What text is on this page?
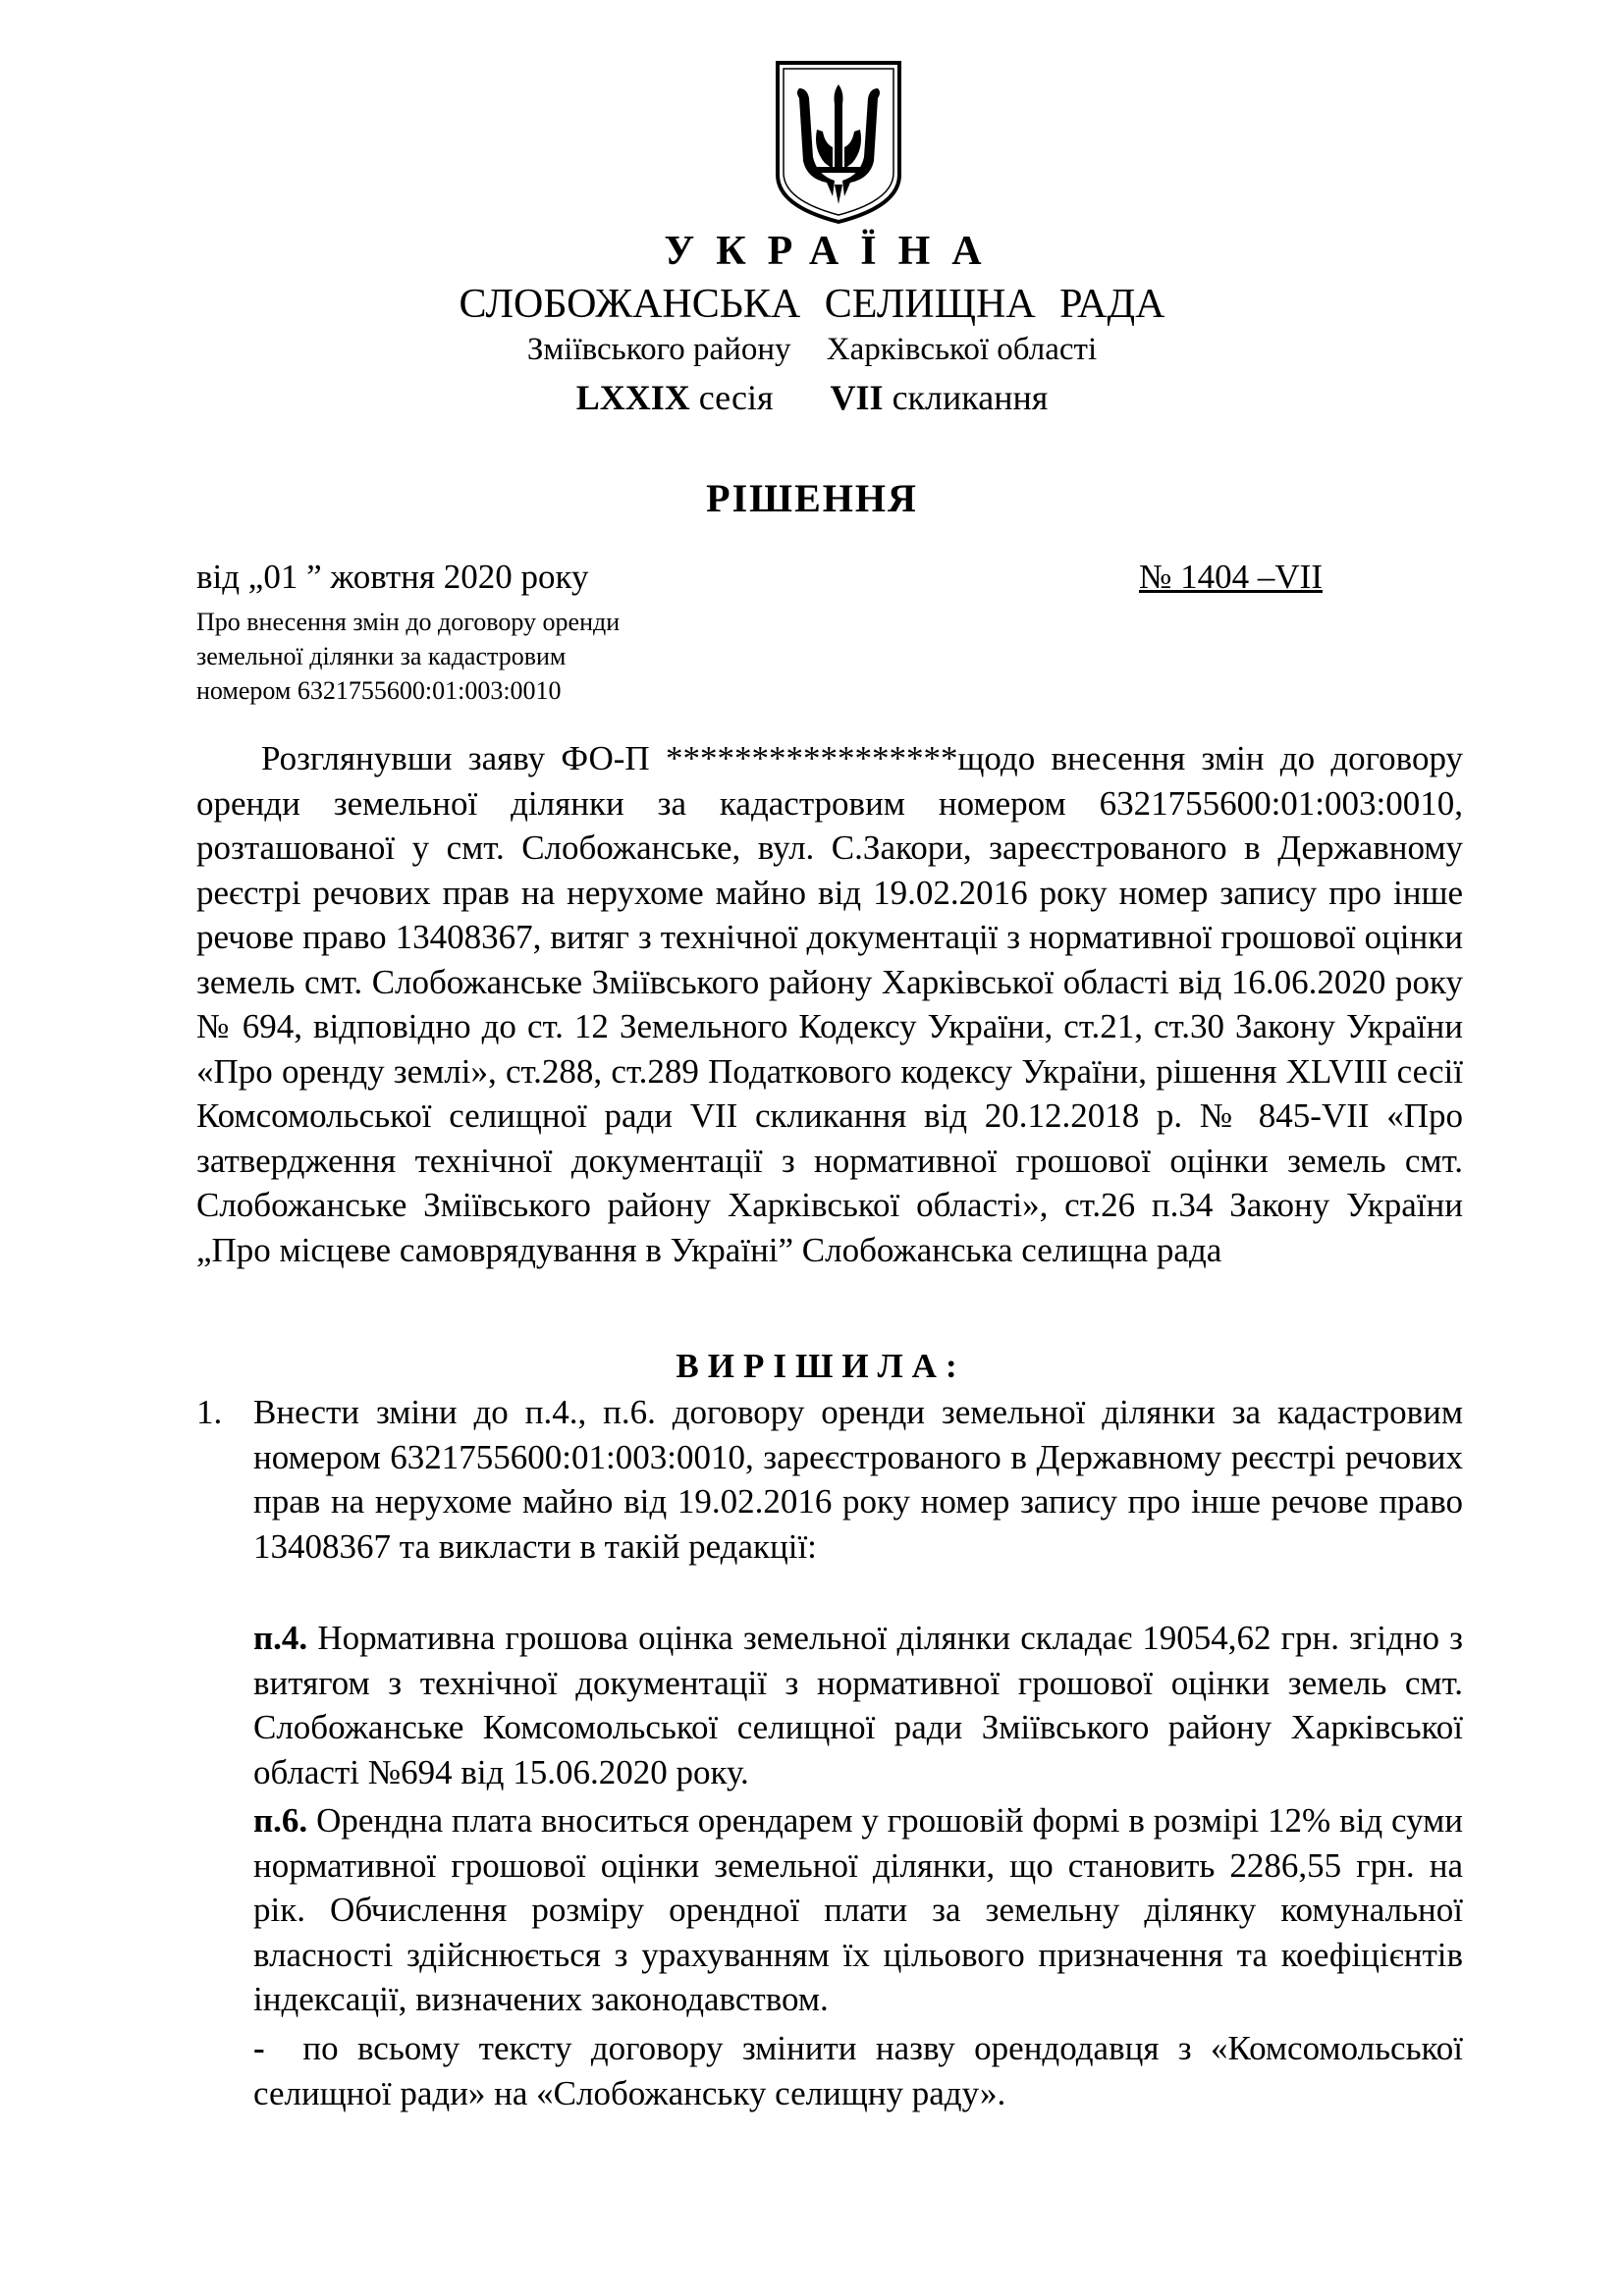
УКРАЇНА
СЛОБОЖАНСЬКА СЕЛИЩНА РАДА
Зміївського району Харківської області
LXXIX сесія VII скликання
РІШЕННЯ
від „01 ” жовтня 2020 року	№ 1404 –VII
Про внесення змін до договору оренди
земельної ділянки за кадастровим
номером 6321755600:01:003:0010
Розглянувши заяву ФО-П *****************щодо внесення змін до договору оренди земельної ділянки за кадастровим номером 6321755600:01:003:0010, розташованої у смт. Слобожанське, вул. С.Закори, зареєстрованого в Державному реєстрі речових прав на нерухоме майно від 19.02.2016 року номер запису про інше речове право 13408367, витяг з технічної документації з нормативної грошової оцінки земель смт. Слобожанське Зміївського району Харківської області від 16.06.2020 року № 694, відповідно до ст. 12 Земельного Кодексу України, ст.21, ст.30 Закону України «Про оренду землі», ст.288, ст.289 Податкового кодексу України, рішення XLVIII сесії Комсомольської селищної ради VII скликання від 20.12.2018 р. № 845-VII «Про затвердження технічної документації з нормативної грошової оцінки земель смт. Слобожанське Зміївського району Харківської області», ст.26 п.34 Закону України „Про місцеве самоврядування в Україні” Слобожанська селищна рада
ВИРІШИЛА:
1. Внести зміни до п.4., п.6. договору оренди земельної ділянки за кадастровим номером 6321755600:01:003:0010, зареєстрованого в Державному реєстрі речових прав на нерухоме майно від 19.02.2016 року номер запису про інше речове право 13408367 та викласти в такій редакції:
п.4. Нормативна грошова оцінка земельної ділянки складає 19054,62 грн. згідно з витягом з технічної документації з нормативної грошової оцінки земель смт. Слобожанське Комсомольської селищної ради Зміївського району Харківської області №694 від 15.06.2020 року.
п.6. Орендна плата вноситься орендарем у грошовій формі в розмірі 12% від суми нормативної грошової оцінки земельної ділянки, що становить 2286,55 грн. на рік. Обчислення розміру орендної плати за земельну ділянку комунальної власності здійснюється з урахуванням їх цільового призначення та коефіцієнтів індексації, визначених законодавством.
- по всьому тексту договору змінити назву орендодавця з «Комсомольської селищної ради» на «Слобожанську селищну раду».
